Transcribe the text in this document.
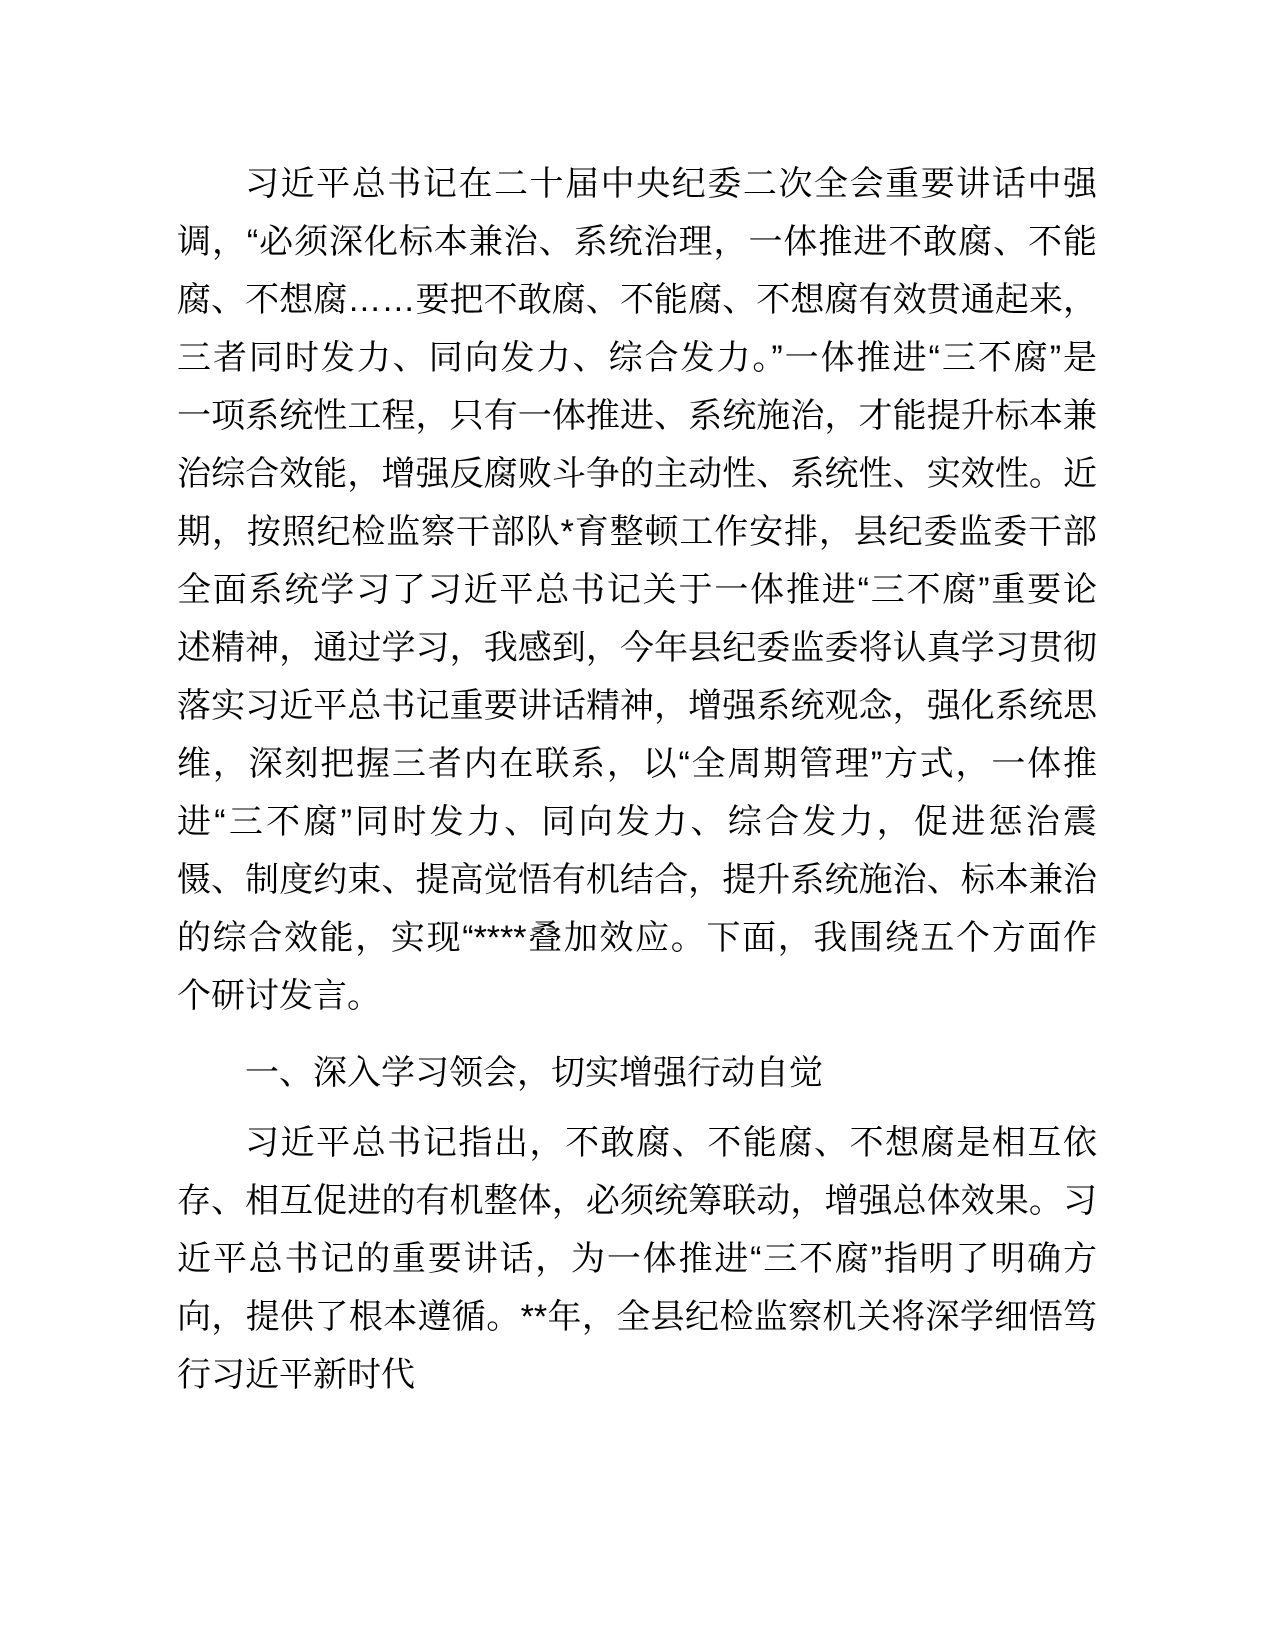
习近平总书记在二十届中央纪委二次全会重要讲话中强
调，“必须深化标本兼治、系统治理，一体推进不敢腐、不能
腐、不想腐……要把不敢腐、不能腐、不想腐有效贯通起来，
三者同时发力、同向发力、综合发力。”一体推进“三不腐”是
一项系统性工程，只有一体推进、系统施治，才能提升标本兼
治综合效能，增强反腐败斗争的主动性、系统性、实效性。近
期，按照纪检监察干部队*育整顿工作安排，县纪委监委干部
全面系统学习了习近平总书记关于一体推进“三不腐”重要论
述精神，通过学习，我感到，今年县纪委监委将认真学习贯彻
落实习近平总书记重要讲话精神，增强系统观念，强化系统思
维，深刻把握三者内在联系，以“全周期管理”方式，一体推
进“三不腐”同时发力、同向发力、综合发力，促进惩治震
慑、制度约束、提高觉悟有机结合，提升系统施治、标本兼治
的综合效能，实现“****叠加效应。下面，我围绕五个方面作
个研讨发言。
一、深入学习领会，切实增强行动自觉
习近平总书记指出，不敢腐、不能腐、不想腐是相互依
存、相互促进的有机整体，必须统筹联动，增强总体效果。习
近平总书记的重要讲话，为一体推进“三不腐”指明了明确方
向，提供了根本遵循。**年，全县纪检监察机关将深学细悟笃
行习近平新时代
